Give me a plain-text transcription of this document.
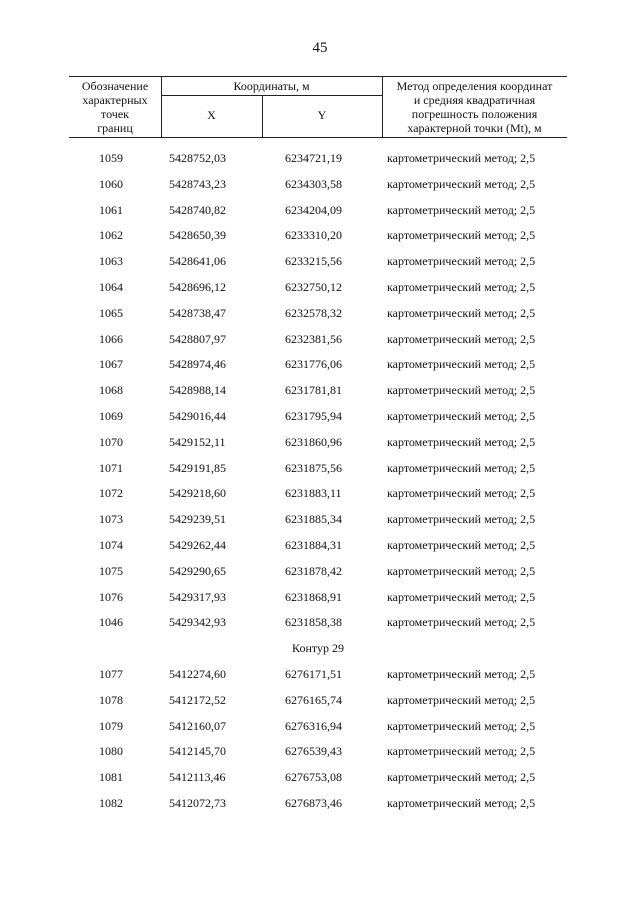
45
Обозначение
характерных
точек
границ
Координаты, м
X	Y
Метод определения координат
и средняя квадратичная
погрешность положения
характерной точки (Mt), м
1059	5428752,03	6234721,19	картометрический метод; 2,5
1060	5428743,23	6234303,58	картометрический метод; 2,5
1061	5428740,82	6234204,09	картометрический метод; 2,5
1062	5428650,39	6233310,20	картометрический метод; 2,5
1063	5428641,06	6233215,56	картометрический метод; 2,5
1064	5428696,12	6232750,12	картометрический метод; 2,5
1065	5428738,47	6232578,32	картометрический метод; 2,5
1066	5428807,97	6232381,56	картометрический метод; 2,5
1067	5428974,46	6231776,06	картометрический метод; 2,5
1068	5428988,14	6231781,81	картометрический метод; 2,5
1069	5429016,44	6231795,94	картометрический метод; 2,5
1070	5429152,11	6231860,96	картометрический метод; 2,5
1071	5429191,85	6231875,56	картометрический метод; 2,5
1072	5429218,60	6231883,11	картометрический метод; 2,5
1073	5429239,51	6231885,34	картометрический метод; 2,5
1074	5429262,44	6231884,31	картометрический метод; 2,5
1075	5429290,65	6231878,42	картометрический метод; 2,5
1076	5429317,93	6231868,91	картометрический метод; 2,5
1046	5429342,93	6231858,38	картометрический метод; 2,5
Контур 29
1077	5412274,60	6276171,51	картометрический метод; 2,5
1078	5412172,52	6276165,74	картометрический метод; 2,5
1079	5412160,07	6276316,94	картометрический метод; 2,5
1080	5412145,70	6276539,43	картометрический метод; 2,5
1081	5412113,46	6276753,08	картометрический метод; 2,5
1082	5412072,73	6276873,46	картометрический метод; 2,5
